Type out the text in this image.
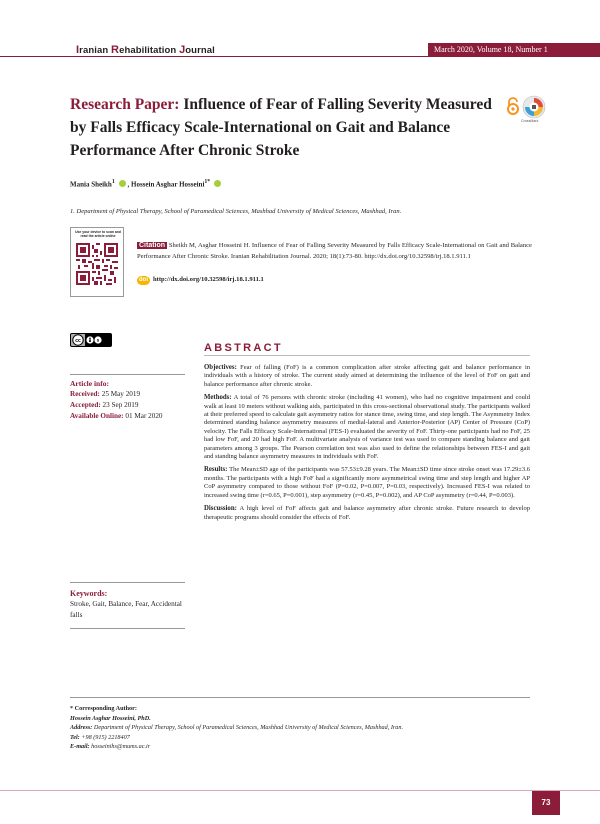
Iranian Rehabilitation Journal	March 2020, Volume 18, Number 1
Research Paper: Influence of Fear of Falling Severity Measured by Falls Efficacy Scale-International on Gait and Balance Performance After Chronic Stroke
CrossMark
Mania Sheikh$^1$ , Hossein Asghar Hosseini$^{1*}$
1. Department of Physical Therapy, School of Paramedical Sciences, Mashhad University of Medical Sciences, Mashhad, Iran.
Use your device to scan and read the article online
Citation Sheikh M, Asghar Hosseini H. Influence of Fear of Falling Severity Measured by Falls Efficacy Scale-International on Gait and Balance Performance After Chronic Stroke. Iranian Rehabilitation Journal. 2020; 18(1):73-80. http://dx.doi.org/10.32598/irj.18.1.911.1
doi http://dx.doi.org/10.32598/irj.18.1.911.1
cc	$
ABSTRACT
Article info:
Received: 25 May 2019
Accepted: 23 Sep 2019
Available Online: 01 Mar 2020
Keywords:
Stroke, Gait, Balance, Fear, Accidental falls

Objectives: Fear of falling (FoF) is a common complication after stroke affecting gait and balance performance in individuals with a history of stroke. The current study aimed at determining the influence of the level of FoF on gait and balance performance after chronic stroke.

Methods: A total of 76 persons with chronic stroke (including 41 women), who had no cognitive impairment and could walk at least 10 meters without walking aids, participated in this cross-sectional observational study. The participants walked at their preferred speed to calculate gait asymmetry ratios for stance time, swing time, and step length. The Asymmetry Index determined standing balance asymmetry measures of medial-lateral and Anterior-Posterior (AP) Center of Pressure (CoP) velocity. The Falls Efficacy Scale-International (FES-I) evaluated the severity of FoF. Thirty-one participants had no FoF, 25 had low FoF, and 20 had high FoF. A multivariate analysis of variance test was used to compare standing balance and gait parameters among 3 groups. The Pearson correlation test was also used to define the relationships between FES-I and gait and standing balance asymmetry measures in individuals with FoF.

Results: The Mean±SD age of the participants was 57.53±9.28 years. The Mean±SD time since stroke onset was 17.29±3.6 months. The participants with a high FoF had a significantly more asymmetrical swing time and step length and higher AP CoP asymmetry compared to those without FoF (P=0.02, P=0.007, P=0.03, respectively). Increased FES-I was related to increased swing time (r=0.65, P=0.001), step asymmetry (r=0.45, P=0.002), and AP CoP asymmetry (r=0.44, P=0.003).

Discussion: A high level of FoF affects gait and balance asymmetry after chronic stroke. Future research to develop therapeutic programs should consider the effects of FoF.

* Corresponding Author:
Hossein Asghar Hosseini, PhD.
Address: Department of Physical Therapy, School of Paramedical Sciences, Mashhad University of Medical Sciences, Mashhad, Iran.
Tel: +98 (915) 2218407
E-mail: hosseinihs@mums.ac.ir
73
